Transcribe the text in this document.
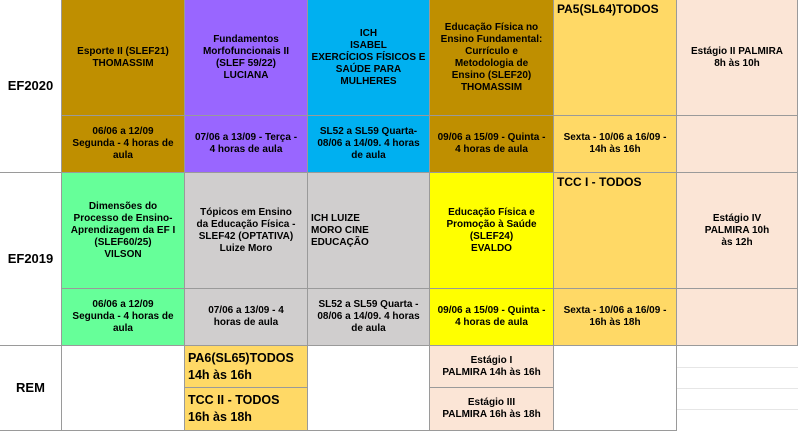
EF2020
EF2019
REM
Esporte II (SLEF21)
THOMASSIM
Fundamentos
Morfofuncionais II
(SLEF 59/22)
LUCIANA
ICH
ISABEL
EXERCÍCIOS FÍSICOS E
SAÚDE PARA
MULHERES
Educação Física no
Ensino Fundamental:
Currículo e
Metodologia de
Ensino (SLEF20)
THOMASSIM
PA5(SL64)TODOS
Estágio II PALMIRA
8h às 10h
06/06 a 12/09
Segunda - 4 horas de
aula
07/06 a 13/09 - Terça -
4 horas de aula
SL52 a SL59 Quarta-
08/06 a 14/09. 4 horas
de aula
09/06 a 15/09 - Quinta -
4 horas de aula
Sexta - 10/06 a 16/09 -
14h às 16h
Dimensões do
Processo de Ensino-
Aprendizagem da EF I
(SLEF60/25)
VILSON
Tópicos em Ensino
da Educação Física -
SLEF42 (OPTATIVA)
Luize Moro
ICH LUIZE
MORO CINE
EDUCAÇÃO
Educação Física e
Promoção à Saúde
(SLEF24)
EVALDO
TCC I - TODOS
Estágio IV
PALMIRA 10h
às 12h
06/06 a 12/09
Segunda - 4 horas de
aula
07/06 a 13/09 - 4
horas de aula
SL52 a SL59 Quarta -
08/06 a 14/09. 4 horas
de aula
09/06 a 15/09 - Quinta -
4 horas de aula
Sexta - 10/06 a 16/09 -
16h às 18h
PA6(SL65)TODOS
14h às 16h
TCC II - TODOS
16h às 18h
Estágio I
PALMIRA 14h às 16h
Estágio III
PALMIRA 16h às 18h
